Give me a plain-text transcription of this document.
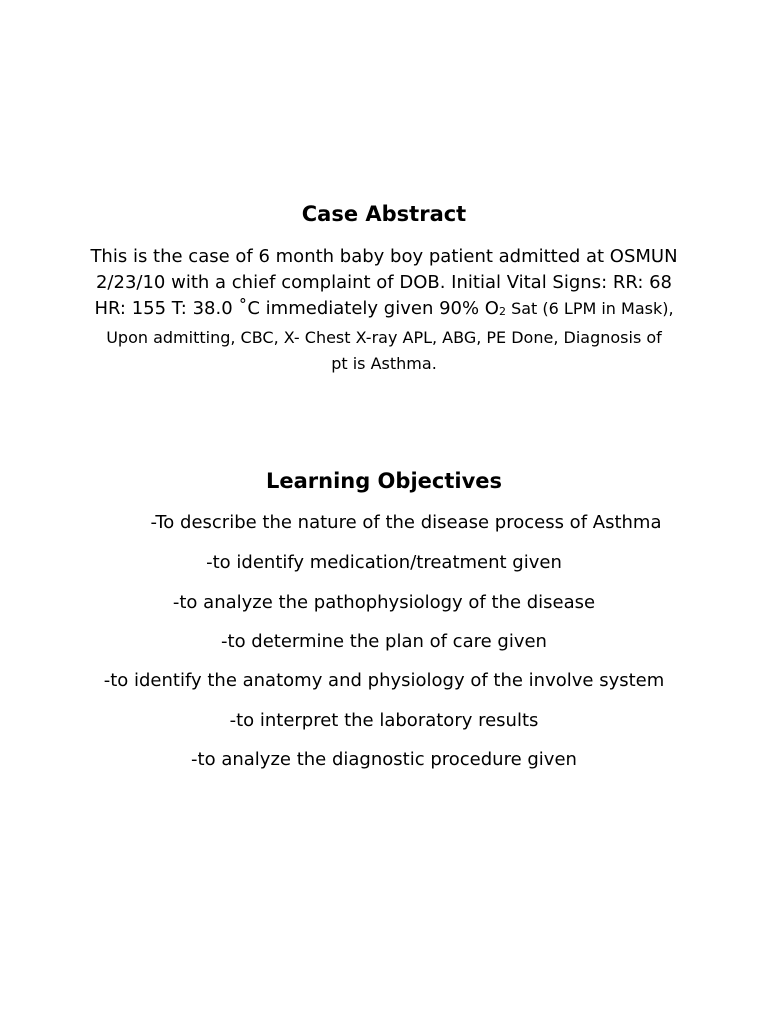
Case Abstract
This is the case of 6 month baby boy patient admitted at OSMUN
2/23/10 with a chief complaint of DOB. Initial Vital Signs: RR: 68
HR: 155 T: 38.0 ˚C immediately given 90% O2 Sat (6 LPM in Mask),
Upon admitting, CBC, X- Chest X-ray APL, ABG, PE Done, Diagnosis of
pt is Asthma.
Learning Objectives
-To describe the nature of the disease process of Asthma
-to identify medication/treatment given
-to analyze the pathophysiology of the disease
-to determine the plan of care given
-to identify the anatomy and physiology of the involve system
-to interpret the laboratory results
-to analyze the diagnostic procedure given
